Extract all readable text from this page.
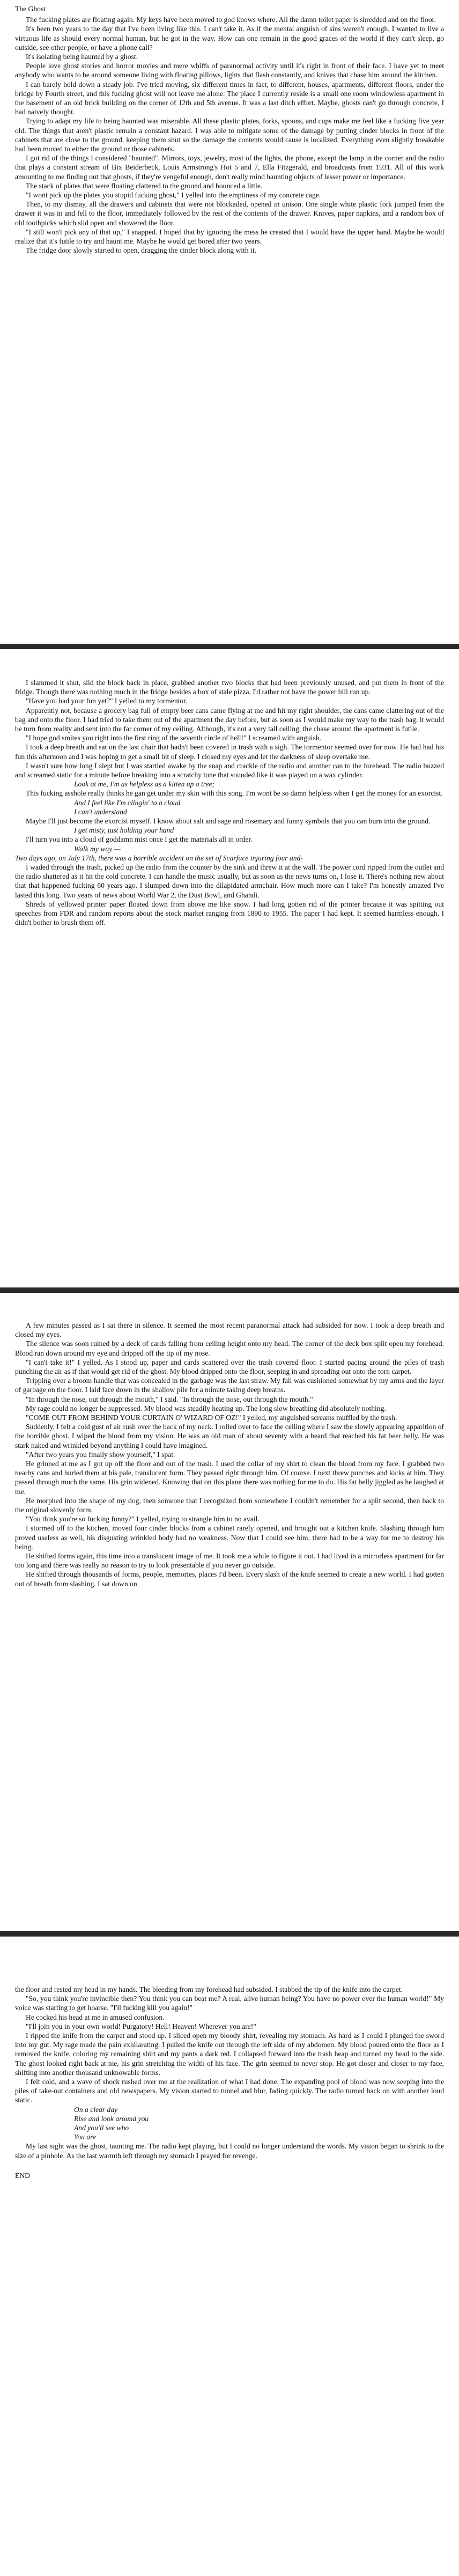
The Ghost

The fucking plates are floating again. My keys have been moved to god knows where. All the damn toilet paper is shredded and on the floor.

It's been two years to the day that I've been living like this. I can't take it. As if the mental anguish of sins weren't enough. I wanted to live a virtuous life as should every normal human, but he got in the way. How can one remain in the good graces of the world if they can't sleep, go outside, see other people, or have a phone call?

It's isolating being haunted by a ghost.

People love ghost stories and horror movies and mere whiffs of paranormal activity until it's right in front of their face. I have yet to meet anybody who wants to be around someone living with floating pillows, lights that flash constantly, and knives that chase him around the kitchen.

I can barely hold down a steady job. I've tried moving, six different times in fact, to different, houses, apartments, different floors, under the bridge by Fourth street, and this fucking ghost will not leave me alone. The place I currently reside is a small one room windowless apartment in the basement of an old brick building on the corner of 12th and 5th avenue. It was a last ditch effort. Maybe, ghosts can't go through concrete, I had naively thought.

Trying to adapt my life to being haunted was miserable. All these plastic plates, forks, spoons, and cups make me feel like a fucking five year old. The things that aren't plastic remain a constant hazard. I was able to mitigate some of the damage by putting cinder blocks in front of the cabinets that are close to the ground, keeping them shut so the damage the contents would cause is localized. Everything even slightly breakable had been moved to either the ground or those cabinets.

I got rid of the things I considered "haunted". Mirrors, toys, jewelry, most of the lights, the phone, except the lamp in the corner and the radio that plays a constant stream of Bix Beiderbeck, Louis Armstrong's Hot 5 and 7, Ella Fitzgerald, and broadcasts from 1931. All of this work amounting to me finding out that ghosts, if they're vengeful enough, don't really mind haunting objects of lesser power or importance.

The stack of plates that were floating clattered to the ground and bounced a little.

"I wont pick up the plates you stupid fucking ghost," I yelled into the emptiness of my concrete cage.

Then, to my dismay, all the drawers and cabinets that were not blockaded, opened in unison. One single white plastic fork jumped from the drawer it was in and fell to the floor, immediately followed by the rest of the contents of the drawer. Knives, paper napkins, and a random box of old toothpicks which slid open and showered the floor.

"I still won't pick any of that up," I snapped. I hoped that by ignoring the mess he created that I would have the upper hand. Maybe he would realize that it's futile to try and haunt me. Maybe he would get bored after two years.

The fridge door slowly started to open, dragging the cinder block along with it.

I slammed it shut, slid the block back in place, grabbed another two blocks that had been previously unused, and put them in front of the fridge. Though there was nothing much in the fridge besides a box of stale pizza, I'd rather not have the power bill run up.

"Have you had your fun yet?" I yelled to my tormentor.

Apparently not, because a grocery bag full of empty beer cans came flying at me and hit my right shoulder, the cans came clattering out of the bag and onto the floor. I had tried to take them out of the apartment the day before, but as soon as I would make my way to the trash bag, it would be torn from reality and sent into the far corner of my ceiling. Although, it's not a very tall ceiling, the chase around the apartment is futile.

"I hope god smites you right into the first ring of the seventh circle of hell!" I screamed with anguish.

I took a deep breath and sat on the last chair that hadn't been covered in trash with a sigh. The tormentor seemed over for now. He had had his fun this afternoon and I was hoping to get a small bit of sleep. I closed my eyes and let the darkness of sleep overtake me.

I wasn't sure how long I slept but I was startled awake by the snap and crackle of the radio and another can to the forehead. The radio buzzed and screamed static for a minute before breaking into a scratchy tune that sounded like it was played on a wax cylinder.

Look at me, I'm as helpless as a kitten up a tree;

This fucking asshole really thinks he gan get under my skin with this song. I'm wont be so damn helpless when I get the money for an exorcist.

And I feel like I'm clingin' to a cloud

I can't understand

Maybe I'll just become the exorcist myself. I know about salt and sage and rosemary and funny symbols that you can burn into the ground.

I get misty, just holding your hand

I'll turn you into a cloud of goddamn mist once I get the materials all in order.

Walk my way —

Two days ago, on July 17th, there was a horrible accident on the set of Scarface injuring four and-

I waded through the trash, picked up the radio from the counter by the sink and threw it at the wall. The power cord ripped from the outlet and the radio shattered as it hit the cold concrete. I can handle the music usually, but as soon as the news turns on, I lose it. There's nothing new about that that happened fucking 60 years ago. I slumped down into the dilapidated armchair. How much more can I take? I'm honestly amazed I've lasted this long. Two years of news about World War 2, the Dust Bowl, and Ghandi.

Shreds of yellowed printer paper floated down from above me like snow. I had long gotten rid of the printer because it was spitting out speeches from FDR and random reports about the stock market ranging from 1890 to 1955. The paper I had kept. It seemed harmless enough. I didn't bother to brush them off.

A few minutes passed as I sat there in silence. It seemed the most recent paranormal attack had subsided for now. I took a deep breath and closed my eyes.

The silence was soon ruined by a deck of cards falling from ceiling height onto my head. The corner of the deck box split open my forehead. Blood ran down around my eye and dripped off the tip of my nose.

"I can't take it!" I yelled. As I stood up, paper and cards scattered over the trash covered floor. I started pacing around the piles of trash punching the air as if that would get rid of the ghost. My blood dripped onto the floor, seeping in and spreading out onto the torn carpet.

Tripping over a broom handle that was concealed in the garbage was the last straw. My fall was cushioned somewhat by my arms and the layer of garbage on the floor. I laid face down in the shallow pile for a minute taking deep breaths.

"In through the nose, out through the mouth," I said. "In through the nose, out through the mouth."

My rage could no longer be suppressed. My blood was steadily heating up. The long slow breathing did absolutely nothing.

"COME OUT FROM BEHIND YOUR CURTAIN O' WIZARD OF OZ!" I yelled, my anguished screams muffled by the trash.

Suddenly, I felt a cold gust of air rush over the back of my neck. I rolled over to face the ceiling where I saw the slowly appearing apparition of the horrible ghost. I wiped the blood from my vision. He was an old man of about seventy with a beard that reached his fat beer belly. He was stark naked and wrinkled beyond anything I could have imagined.

"After two years you finally show yourself," I spat.

He grinned at me as I got up off the floor and out of the trash. I used the collar of my shirt to clean the blood from my face. I grabbed two nearby cans and hurled them at his pale, translucent form. They passed right through him. Of course. I next threw punches and kicks at him. They passed through much the same. His grin widened. Knowing that on this plane there was nothing for me to do. His fat belly jiggled as he laughed at me.

He morphed into the shape of my dog, then someone that I recognized from somewhere I couldn't remember for a split second, then back to the original slovenly form.

"You think you're so fucking funny?" I yelled, trying to strangle him to no avail.

I stormed off to the kitchen, moved four cinder blocks from a cabinet rarely opened, and brought out a kitchen knife. Slashing through him proved useless as well, his disgusting wrinkled body had no weakness. Now that I could see him, there had to be a way for me to destroy his being.

He shifted forms again, this time into a translucent image of me. It took me a while to figure it out. I had lived in a mirrorless apartment for far too long and there was really no reason to try to look presentable if you never go outside.

He shifted through thousands of forms, people, memories, places I'd been. Every slash of the knife seemed to create a new world. I had gotten out of breath from slashing. I sat down on

the floor and rested my head in my hands. The bleeding from my forehead had subsided. I stabbed the tip of the knife into the carpet.

"So, you think you're invincible then? You think you can beat me? A real, alive human being? You have no power over the human world!" My voice was starting to get hoarse. "I'll fucking kill you again!"

He cocked his head at me in amused confusion.

"I'll join you in your own world! Purgatory! Hell! Heaven! Wherever you are!"

I ripped the knife from the carpet and stood up. I sliced open my bloody shirt, revealing my stomach. As hard as I could I plunged the sword into my gut. My rage made the pain exhilarating. I pulled the knife out through the left side of my abdomen. My blood poured onto the floor as I removed the knife, coloring my remaining shirt and my pants a dark red. I collapsed forward into the trash heap and turned my head to the side. The ghost looked right back at me, his grin stretching the width of his face. The grin seemed to never stop. He got closer and closer to my face, shifting into another thousand unknowable forms.

I felt cold, and a wave of shock rushed over me at the realization of what I had done. The expanding pool of blood was now seeping into the piles of take-out containers and old newspapers. My vision started to tunnel and blur, fading quickly. The radio turned back on with another loud static.

On a clear day

Rise and look around you

And you'll see who

You are

My last sight was the ghost, taunting me. The radio kept playing, but I could no longer understand the words. My vision began to shrink to the size of a pinhole. As the last warmth left through my stomach I prayed for revenge.

END
